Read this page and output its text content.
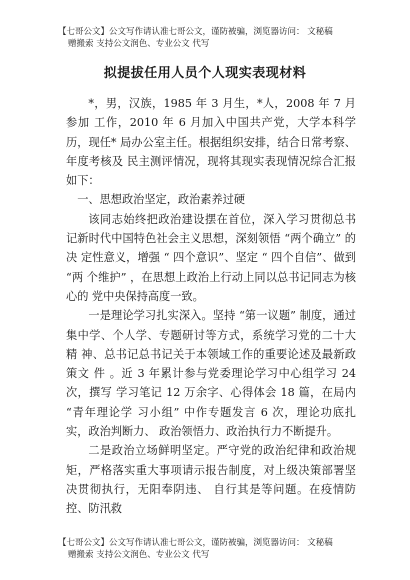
【七哥公文】公文写作请认准七哥公文，谨防被骗，浏览器访问： 文秘稿
赠搬索 支持公文润色、专业公文 代写
拟提拔任用人员个人现实表现材料

*，男，汉族，1985 年 3 月生，*人，2008 年 7 月参加 工作，2010 年 6 月加入中国共产党，大学本科学历，现任* 局办公室主任。根据组织安排，结合日常考察、年度考核及 民主测评情况，现将其现实表现情况综合汇报如下：

一、思想政治坚定，政治素养过硬

该同志始终把政治建设摆在首位，深入学习贯彻总书记新时代中国特色社会主义思想，深刻领悟 “两个确立” 的决 定性意义，增强 “ 四个意识”、坚定 “ 四个自信”、做到 “两 个维护” ，在思想上政治上行动上同以总书记同志为核心的 党中央保持高度一致。

一是理论学习扎实深入。坚持 “第一议题” 制度，通过 集中学、个人学、专题研讨等方式，系统学习党的二十大精 神、总书记总书记关于本领域工作的重要论述及最新政策文 件 。近 3 年累计参与党委理论学习中心组学习 24 次，撰写 学习笔记 12 万余字、心得体会 18 篇，在局内 “青年理论学 习小组” 中作专题发言 6 次，理论功底扎实，政治判断力、 政治领悟力、政治执行力不断提升。

二是政治立场鲜明坚定。严守党的政治纪律和政治规矩，严格落实重大事项请示报告制度，对上级决策部署坚决贯彻执行，无阳奉阴违、 自行其是等问题。在疫情防控、防汛救

【七哥公文】公文写作请认准七哥公文，谨防被骗，浏览器访问： 文秘稿
赠搬索 支持公文润色、专业公文 代写
